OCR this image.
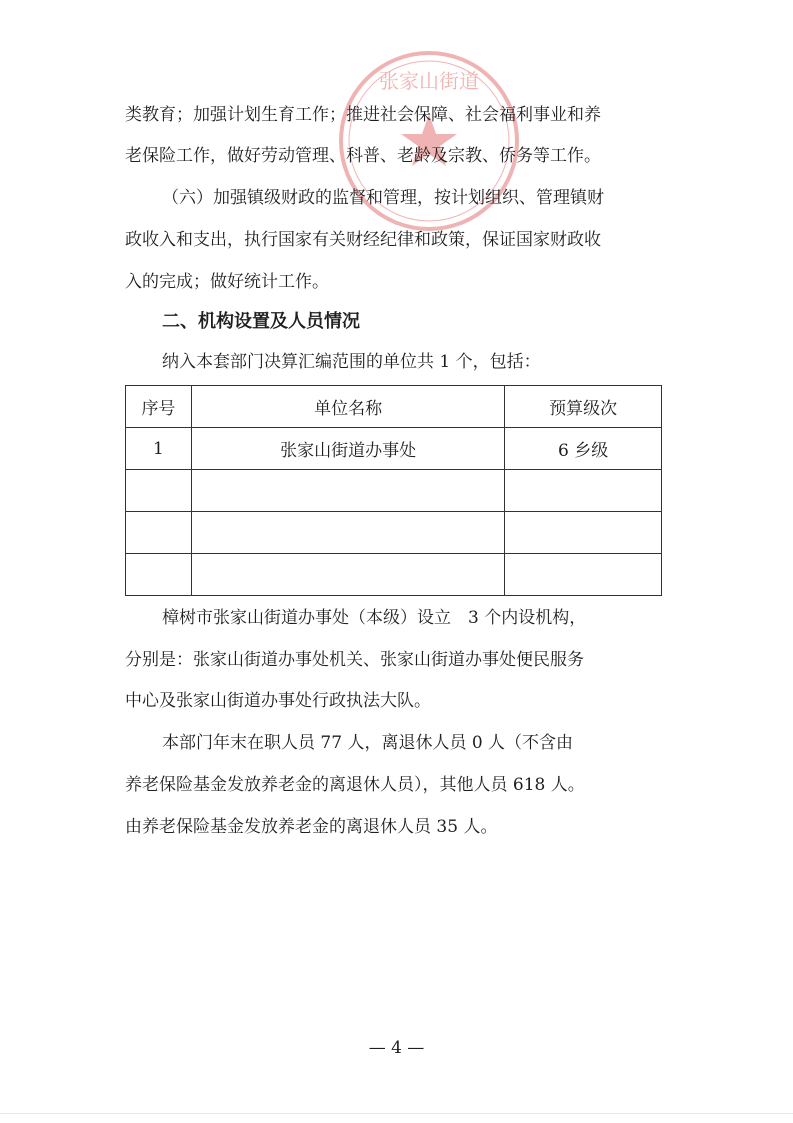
张家山街道
类教育；加强计划生育工作；推进社会保障、社会福利事业和养
老保险工作，做好劳动管理、科普、老龄及宗教、侨务等工作。
（六）加强镇级财政的监督和管理，按计划组织、管理镇财
政收入和支出，执行国家有关财经纪律和政策，保证国家财政收
入的完成；做好统计工作。
二、机构设置及人员情况
纳入本套部门决算汇编范围的单位共 1 个，包括：
序号	单位名称	预算级次
1	张家山街道办事处	6 乡级

樟树市张家山街道办事处（本级）设立　3 个内设机构，
分别是：张家山街道办事处机关、张家山街道办事处便民服务
中心及张家山街道办事处行政执法大队。
本部门年末在职人员 77 人，离退休人员 0 人（不含由
养老保险基金发放养老金的离退休人员），其他人员 618 人。
由养老保险基金发放养老金的离退休人员 35 人。
— 4 —
